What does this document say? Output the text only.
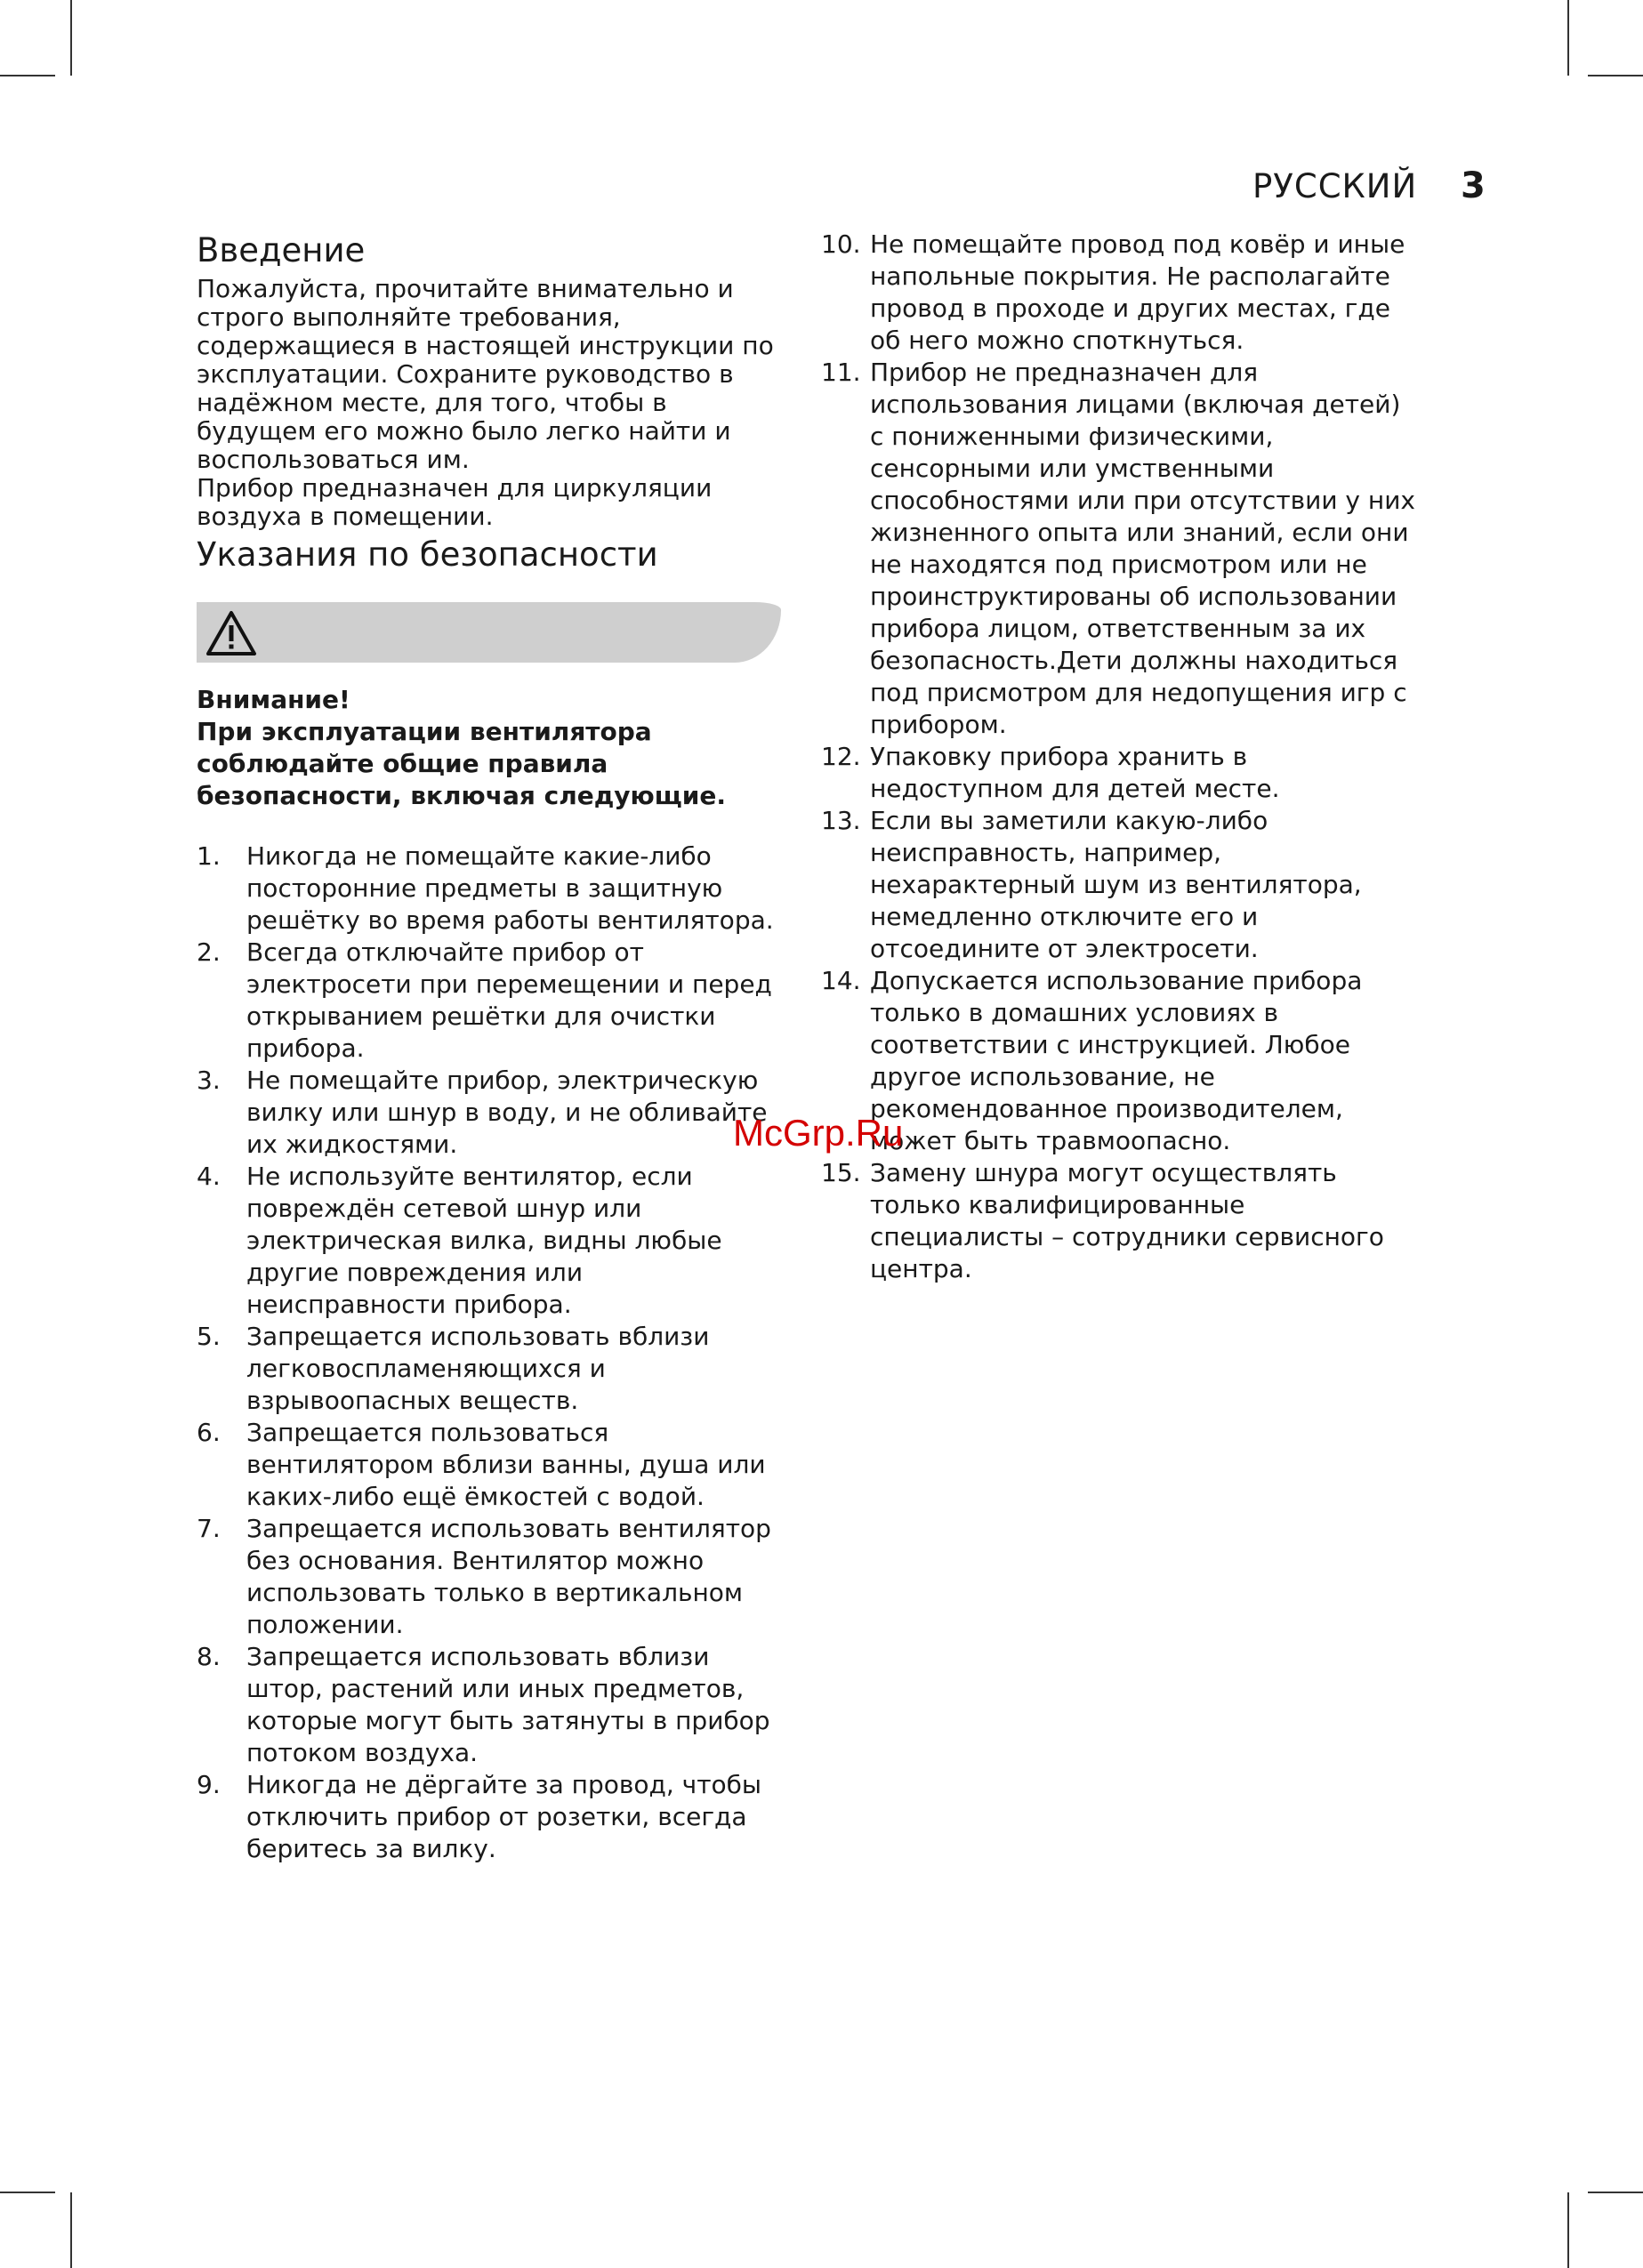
РУССКИЙ 3
Введение

Пожалуйста, прочитайте внимательно и строго выполняйте требования, содержащиеся в настоящей инструкции по эксплуатации. Сохраните руководство в надёжном месте, для того, чтобы в будущем его можно было легко найти и воспользоваться им.

Прибор предназначен для циркуляции воздуха в помещении.

Указания по безопасности
Внимание!
При эксплуатации вентилятора соблюдайте общие правила безопасности, включая следующие.
1. Никогда не помещайте какие-либо посторонние предметы в защитную решётку во время работы вентилятора.
2. Всегда отключайте прибор от электросети при перемещении и перед открыванием решётки для очистки прибора.
3. Не помещайте прибор, электрическую вилку или шнур в воду, и не обливайте их жидкостями.
4. Не используйте вентилятор, если повреждён сетевой шнур или электрическая вилка, видны любые другие повреждения или неисправности прибора.
5. Запрещается использовать вблизи легковоспламеняющихся и взрывоопасных веществ.
6. Запрещается пользоваться вентилятором вблизи ванны, душа или каких-либо ещё ёмкостей с водой.
7. Запрещается использовать вентилятор без основания. Вентилятор можно использовать только в вертикальном положении.
8. Запрещается использовать вблизи штор, растений или иных предметов, которые могут быть затянуты в прибор потоком воздуха.
9. Никогда не дёргайте за провод, чтобы отключить прибор от розетки, всегда беритесь за вилку.
10. Не помещайте провод под ковёр и иные напольные покрытия. Не располагайте провод в проходе и других местах, где об него можно споткнуться.
11. Прибор не предназначен для использования лицами (включая детей) с пониженными физическими, сенсорными или умственными способностями или при отсутствии у них жизненного опыта или знаний, если они не находятся под присмотром или не проинструктированы об использовании прибора лицом, ответственным за их безопасность.Дети должны находиться под присмотром для недопущения игр с прибором.
12. Упаковку прибора хранить в недоступном для детей месте.
13. Если вы заметили какую-либо неисправность, например, нехарактерный шум из вентилятора, немедленно отключите его и отсоедините от электросети.
14. Допускается использование прибора только в домашних условиях в соответствии с инструкцией. Любое другое использование, не рекомендованное производителем, может быть травмоопасно.
15. Замену шнура могут осуществлять только квалифицированные специалисты – сотрудники сервисного центра.
McGrp.Ru
